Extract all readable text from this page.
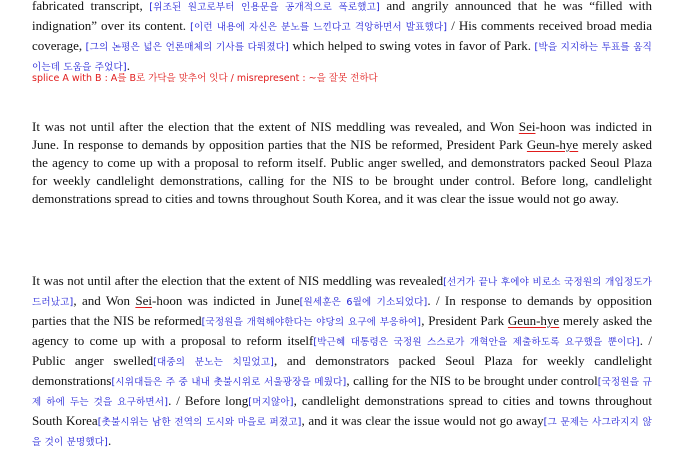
fabricated transcript, [위조된 원고로부터 인용문을 공개적으로 폭로했고] and angrily announced that he was “filled with indignation” over its content. [이런 내용에 자신은 분노를 느낀다고 격앙하면서 발표했다] / His comments received broad media coverage, [그의 논평은 넓은 언론매체의 기사를 다뤄졌다] which helped to swing votes in favor of Park. [박을 지지하는 투표를 움직이는데 도움을 주었다].
splice A with B : A를 B로 가닥을 맞추어 잇다 / misrepresent : ~을 잘못 전하다
It was not until after the election that the extent of NIS meddling was revealed, and Won Sei-hoon was indicted in June. In response to demands by opposition parties that the NIS be reformed, President Park Geun-hye merely asked the agency to come up with a proposal to reform itself. Public anger swelled, and demonstrators packed Seoul Plaza for weekly candlelight demonstrations, calling for the NIS to be brought under control. Before long, candlelight demonstrations spread to cities and towns throughout South Korea, and it was clear the issue would not go away.
It was not until after the election that the extent of NIS meddling was revealed[선거가 끝나 후에야 비로소 국정원의 개입정도가 드러났고], and Won Sei-hoon was indicted in June[원세훈은 6월에 기소되었다]. / In response to demands by opposition parties that the NIS be reformed[국정원을 개혁해야한다는 야당의 요구에 부응하여], President Park Geun-hye merely asked the agency to come up with a proposal to reform itself[박근혜 대통령은 국정원 스스로가 개혁안을 제출하도록 요구했을 뿐이다]. / Public anger swelled[대중의 분노는 치밀었고], and demonstrators packed Seoul Plaza for weekly candlelight demonstrations[시위대들은 주 중 내내 촛불시위로 서울광장을 메웠다], calling for the NIS to be brought under control[국정원을 규제 하에 두는 것을 요구하면서]. / Before long[머지않아], candlelight demonstrations spread to cities and towns throughout South Korea[촛불시위는 남한 전역의 도시와 마을로 퍼졌고], and it was clear the issue would not go away[그 문제는 사그라지지 않을 것이 분명했다].
